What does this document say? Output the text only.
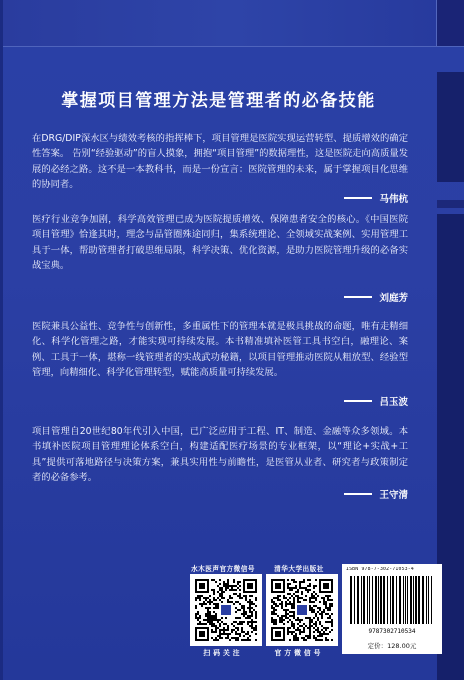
掌握项目管理方法是管理者的必备技能

在DRG/DIP深水区与绩效考核的指挥棒下，项目管理是医院实现运营转型、提质增效的确定性答案。 告别“经验驱动”的盲人摸象，拥抱“项目管理”的数据理性，这是医院走向高质量发展的必经之路。这不是一本教科书，而是一份宣言：医院管理的未来，属于掌握项目化思维的协同者。

马伟杭

医疗行业竞争加剧，科学高效管理已成为医院提质增效、保障患者安全的核心。《中国医院项目管理》恰逢其时，理念与品管圈殊途同归，集系统理论、全领域实战案例、实用管理工具于一体，帮助管理者打破思维局限，科学决策、优化资源，是助力医院管理升级的必备实战宝典。

刘庭芳

医院兼具公益性、竞争性与创新性，多重属性下的管理本就是极具挑战的命题，唯有走精细化、科学化管理之路，才能实现可持续发展。本书精准填补医管工具书空白，融理论、案例、工具于一体，堪称一线管理者的实战武功秘籍，以项目管理推动医院从粗放型、经验型管理，向精细化、科学化管理转型，赋能高质量可持续发展。

吕玉波

项目管理自20世纪80年代引入中国，已广泛应用于工程、IT、制造、金融等众多领域。本书填补医院项目管理理论体系空白，构建适配医疗场景的专业框架，以“理论+实战+工具”提供可落地路径与决策方案，兼具实用性与前瞻性，是医管从业者、研究者与政策制定者的必备参考。

王守清
水木医声官方微信号
扫码关注
清华大学出版社
官方微信号
ISBN 978-7-302-71053-4
9787302710534
定价：128.00元
